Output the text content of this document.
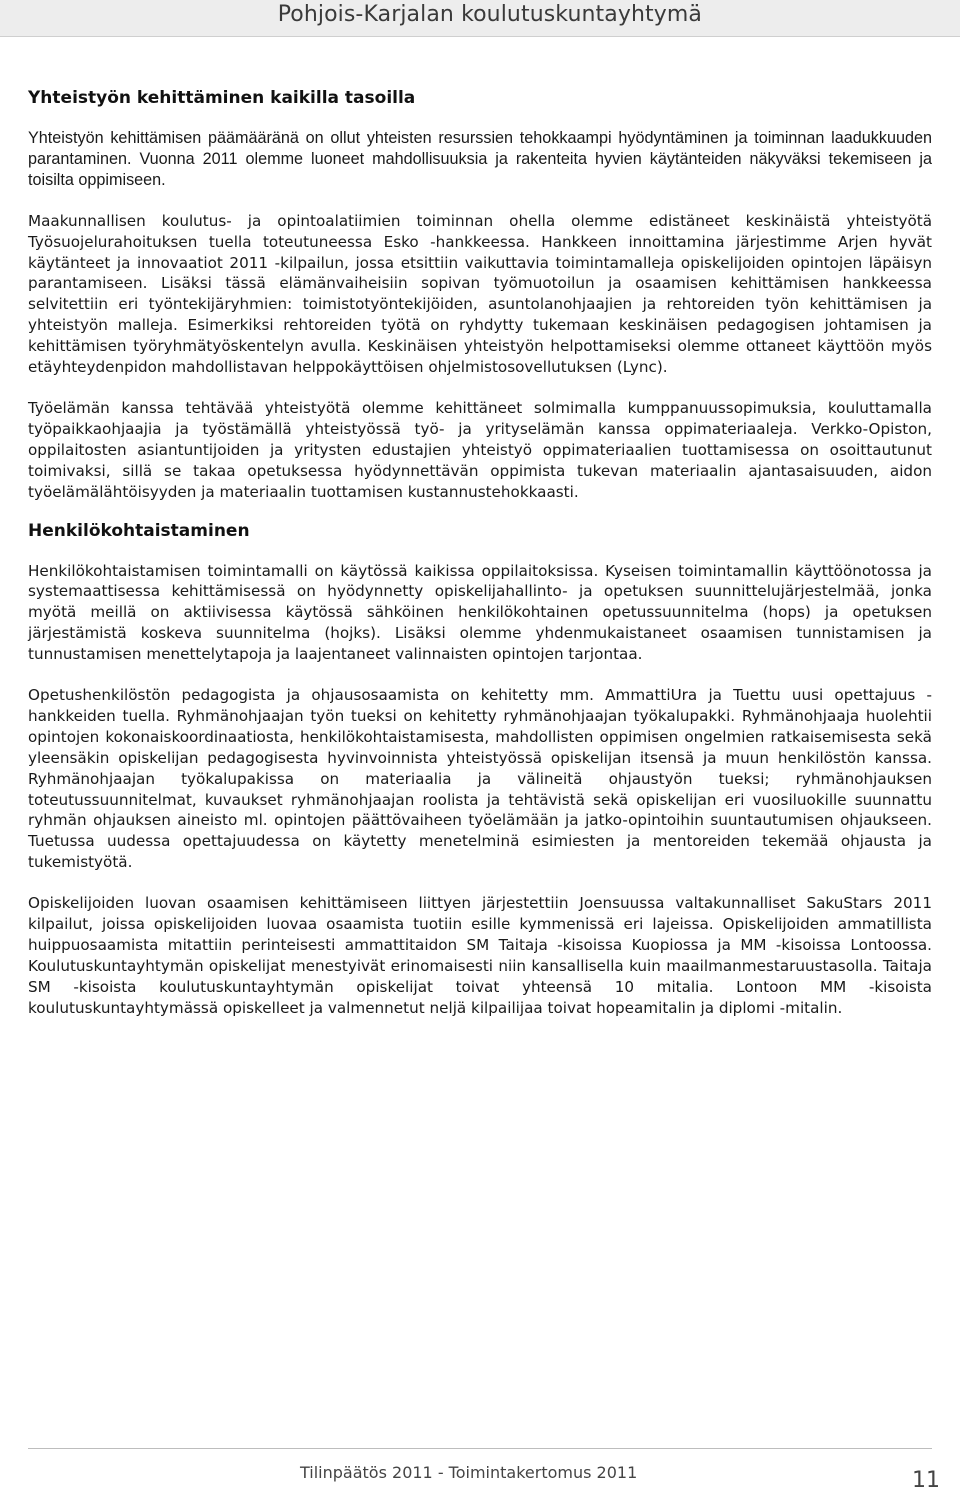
Pohjois-Karjalan koulutuskuntayhtymä
Yhteistyön kehittäminen kaikilla tasoilla

Yhteistyön kehittämisen päämääränä on ollut yhteisten resurssien tehokkaampi hyödyntäminen ja toiminnan laadukkuuden parantaminen. Vuonna 2011 olemme luoneet mahdollisuuksia ja rakenteita hyvien käytänteiden näkyväksi tekemiseen ja toisilta oppimiseen.

Maakunnallisen koulutus- ja opintoalatiimien toiminnan ohella olemme edistäneet keskinäistä yhteistyötä Työsuojelurahoituksen tuella toteutuneessa Esko -hankkeessa. Hankkeen innoittamina järjestimme Arjen hyvät käytänteet ja innovaatiot 2011 -kilpailun, jossa etsittiin vaikuttavia toimintamalleja opiskelijoiden opintojen läpäisyn parantamiseen. Lisäksi tässä elämänvaiheisiin sopivan työmuotoilun ja osaamisen kehittämisen hankkeessa selvitettiin eri työntekijäryhmien: toimistotyöntekijöiden, asuntolanohjaajien ja rehtoreiden työn kehittämisen ja yhteistyön malleja. Esimerkiksi rehtoreiden työtä on ryhdytty tukemaan keskinäisen pedagogisen johtamisen ja kehittämisen työryhmätyöskentelyn avulla. Keskinäisen yhteistyön helpottamiseksi olemme ottaneet käyttöön myös etäyhteydenpidon mahdollistavan helppokäyttöisen ohjelmistosovellutuksen (Lync).

Työelämän kanssa tehtävää yhteistyötä olemme kehittäneet solmimalla kumppanuussopimuksia, kouluttamalla työpaikkaohjaajia ja työstämällä yhteistyössä työ- ja yrityselämän kanssa oppimateriaaleja. Verkko-Opiston, oppilaitosten asiantuntijoiden ja yritysten edustajien yhteistyö oppimateriaalien tuottamisessa on osoittautunut toimivaksi, sillä se takaa opetuksessa hyödynnettävän oppimista tukevan materiaalin ajantasaisuuden, aidon työelämälähtöisyyden ja materiaalin tuottamisen kustannustehokkaasti.

Henkilökohtaistaminen

Henkilökohtaistamisen toimintamalli on käytössä kaikissa oppilaitoksissa. Kyseisen toimintamallin käyttöönotossa ja systemaattisessa kehittämisessä on hyödynnetty opiskelijahallinto- ja opetuksen suunnittelujärjestelmää, jonka myötä meillä on aktiivisessa käytössä sähköinen henkilökohtainen opetussuunnitelma (hops) ja opetuksen järjestämistä koskeva suunnitelma (hojks). Lisäksi olemme yhdenmukaistaneet osaamisen tunnistamisen ja tunnustamisen menettelytapoja ja laajentaneet valinnaisten opintojen tarjontaa.

Opetushenkilöstön pedagogista ja ohjausosaamista on kehitetty mm. AmmattiUra ja Tuettu uusi opettajuus -hankkeiden tuella. Ryhmänohjaajan työn tueksi on kehitetty ryhmänohjaajan työkalupakki. Ryhmänohjaaja huolehtii opintojen kokonaiskoordinaatiosta, henkilökohtaistamisesta, mahdollisten oppimisen ongelmien ratkaisemisesta sekä yleensäkin opiskelijan pedagogisesta hyvinvoinnista yhteistyössä opiskelijan itsensä ja muun henkilöstön kanssa. Ryhmänohjaajan työkalupakissa on materiaalia ja välineitä ohjaustyön tueksi; ryhmänohjauksen toteutussuunnitelmat, kuvaukset ryhmänohjaajan roolista ja tehtävistä sekä opiskelijan eri vuosiluokille suunnattu ryhmän ohjauksen aineisto ml. opintojen päättövaiheen työelämään ja jatko-opintoihin suuntautumisen ohjaukseen. Tuetussa uudessa opettajuudessa on käytetty menetelminä esimiesten ja mentoreiden tekemää ohjausta ja tukemistyötä.

Opiskelijoiden luovan osaamisen kehittämiseen liittyen järjestettiin Joensuussa valtakunnalliset SakuStars 2011 kilpailut, joissa opiskelijoiden luovaa osaamista tuotiin esille kymmenissä eri lajeissa. Opiskelijoiden ammatillista huippuosaamista mitattiin perinteisesti ammattitaidon SM Taitaja -kisoissa Kuopiossa ja MM -kisoissa Lontoossa. Koulutuskuntayhtymän opiskelijat menestyivät erinomaisesti niin kansallisella kuin maailmanmestaruustasolla. Taitaja SM -kisoista koulutuskuntayhtymän opiskelijat toivat yhteensä 10 mitalia. Lontoon MM -kisoista koulutuskuntayhtymässä opiskelleet ja valmennetut neljä kilpailijaa toivat hopeamitalin ja diplomi -mitalin.

Tilinpäätös 2011 - Toimintakertomus 2011	11
